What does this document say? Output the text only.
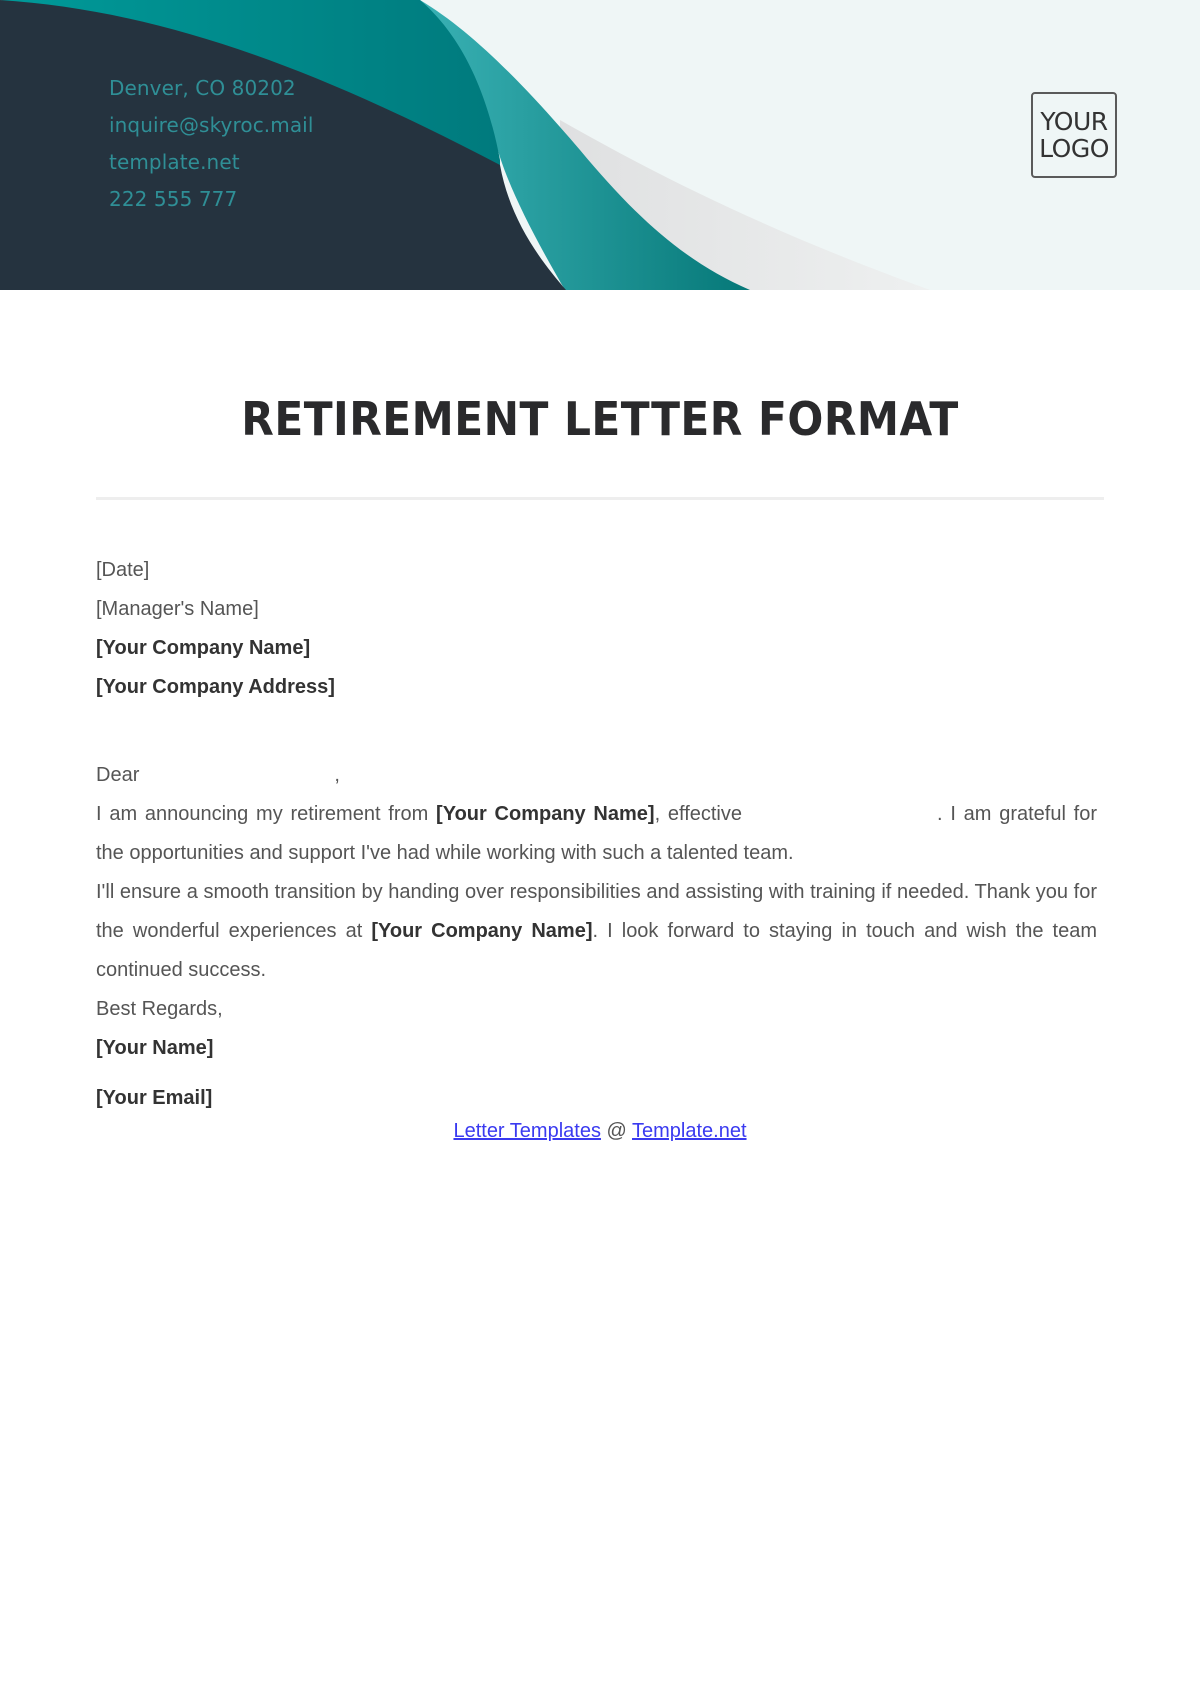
Denver, CO 80202
inquire@skyroc.mail
template.net
222 555 777
YOUR
LOGO
RETIREMENT LETTER FORMAT
[Date]
[Manager's Name]
[Your Company Name]
[Your Company Address]
Dear	,
I am announcing my retirement from [Your Company Name], effective	. I am grateful for the opportunities and support I've had while working with such a talented team.
I'll ensure a smooth transition by handing over responsibilities and assisting with training if needed. Thank you for the wonderful experiences at [Your Company Name]. I look forward to staying in touch and wish the team continued success.
Best Regards,
[Your Name]
[Your Email]
Letter Templates @ Template.net
